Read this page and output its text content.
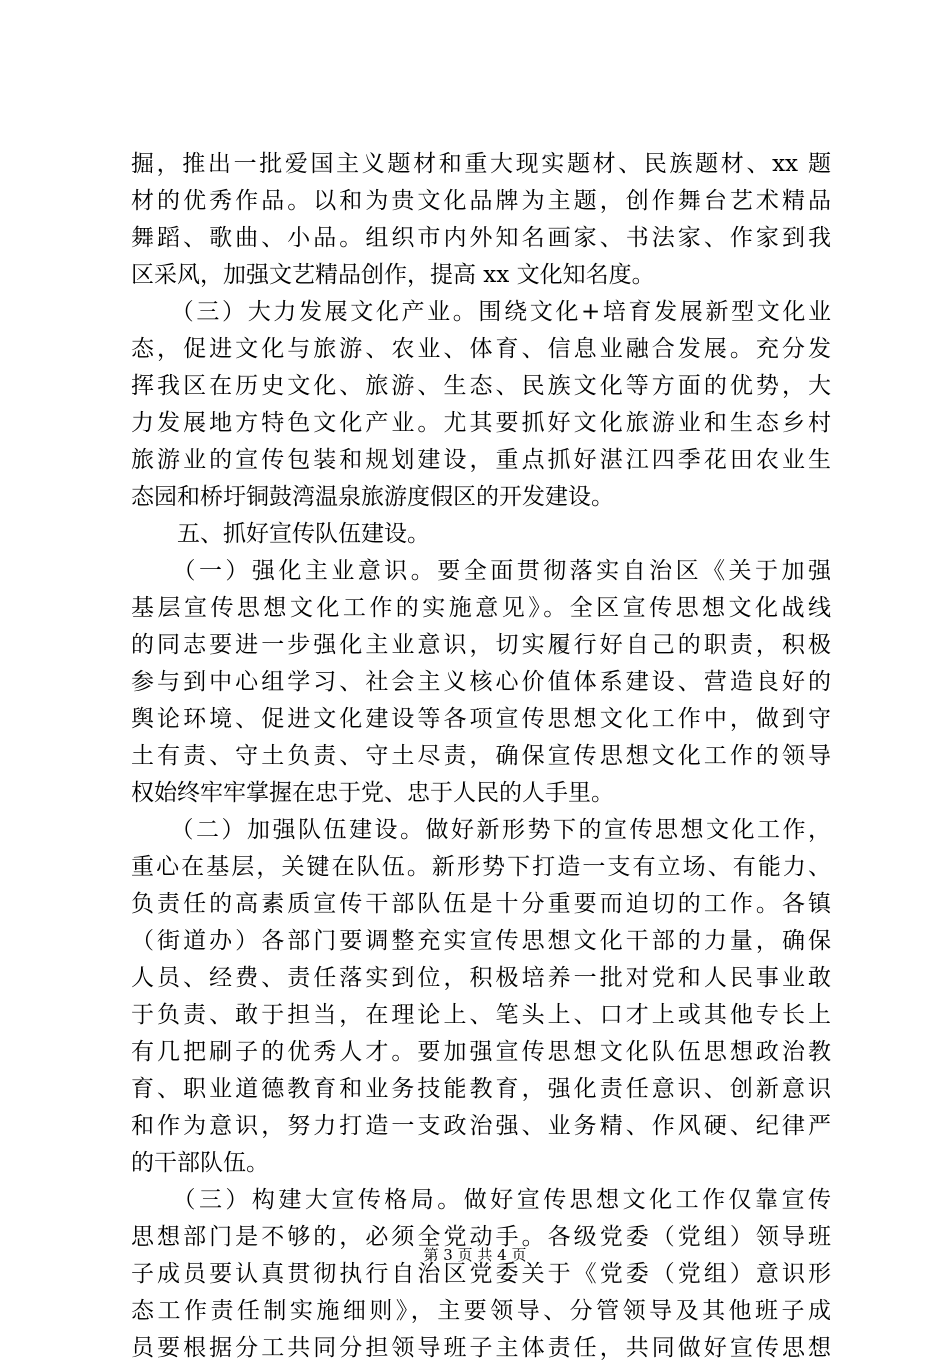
掘，推出一批爱国主义题材和重大现实题材、民族题材、xx 题
材的优秀作品。以和为贵文化品牌为主题，创作舞台艺术精品
舞蹈、歌曲、小品。组织市内外知名画家、书法家、作家到我
区采风，加强文艺精品创作，提高 xx 文化知名度。
　　（三）大力发展文化产业。围绕文化+培育发展新型文化业
态，促进文化与旅游、农业、体育、信息业融合发展。充分发
挥我区在历史文化、旅游、生态、民族文化等方面的优势，大
力发展地方特色文化产业。尤其要抓好文化旅游业和生态乡村
旅游业的宣传包装和规划建设，重点抓好湛江四季花田农业生
态园和桥圩铜鼓湾温泉旅游度假区的开发建设。
　　五、抓好宣传队伍建设。
　　（一）强化主业意识。要全面贯彻落实自治区《关于加强
基层宣传思想文化工作的实施意见》。全区宣传思想文化战线
的同志要进一步强化主业意识，切实履行好自己的职责，积极
参与到中心组学习、社会主义核心价值体系建设、营造良好的
舆论环境、促进文化建设等各项宣传思想文化工作中，做到守
土有责、守土负责、守土尽责，确保宣传思想文化工作的领导
权始终牢牢掌握在忠于党、忠于人民的人手里。
　　（二）加强队伍建设。做好新形势下的宣传思想文化工作，
重心在基层，关键在队伍。新形势下打造一支有立场、有能力、
负责任的高素质宣传干部队伍是十分重要而迫切的工作。各镇
（街道办）各部门要调整充实宣传思想文化干部的力量，确保
人员、经费、责任落实到位，积极培养一批对党和人民事业敢
于负责、敢于担当，在理论上、笔头上、口才上或其他专长上
有几把刷子的优秀人才。要加强宣传思想文化队伍思想政治教
育、职业道德教育和业务技能教育，强化责任意识、创新意识
和作为意识，努力打造一支政治强、业务精、作风硬、纪律严
的干部队伍。
　　（三）构建大宣传格局。做好宣传思想文化工作仅靠宣传
思想部门是不够的，必须全党动手。各级党委（党组）领导班
子成员要认真贯彻执行自治区党委关于《党委（党组）意识形
态工作责任制实施细则》，主要领导、分管领导及其他班子成
员要根据分工共同分担领导班子主体责任，共同做好宣传思想
第 3 页 共 4 页
